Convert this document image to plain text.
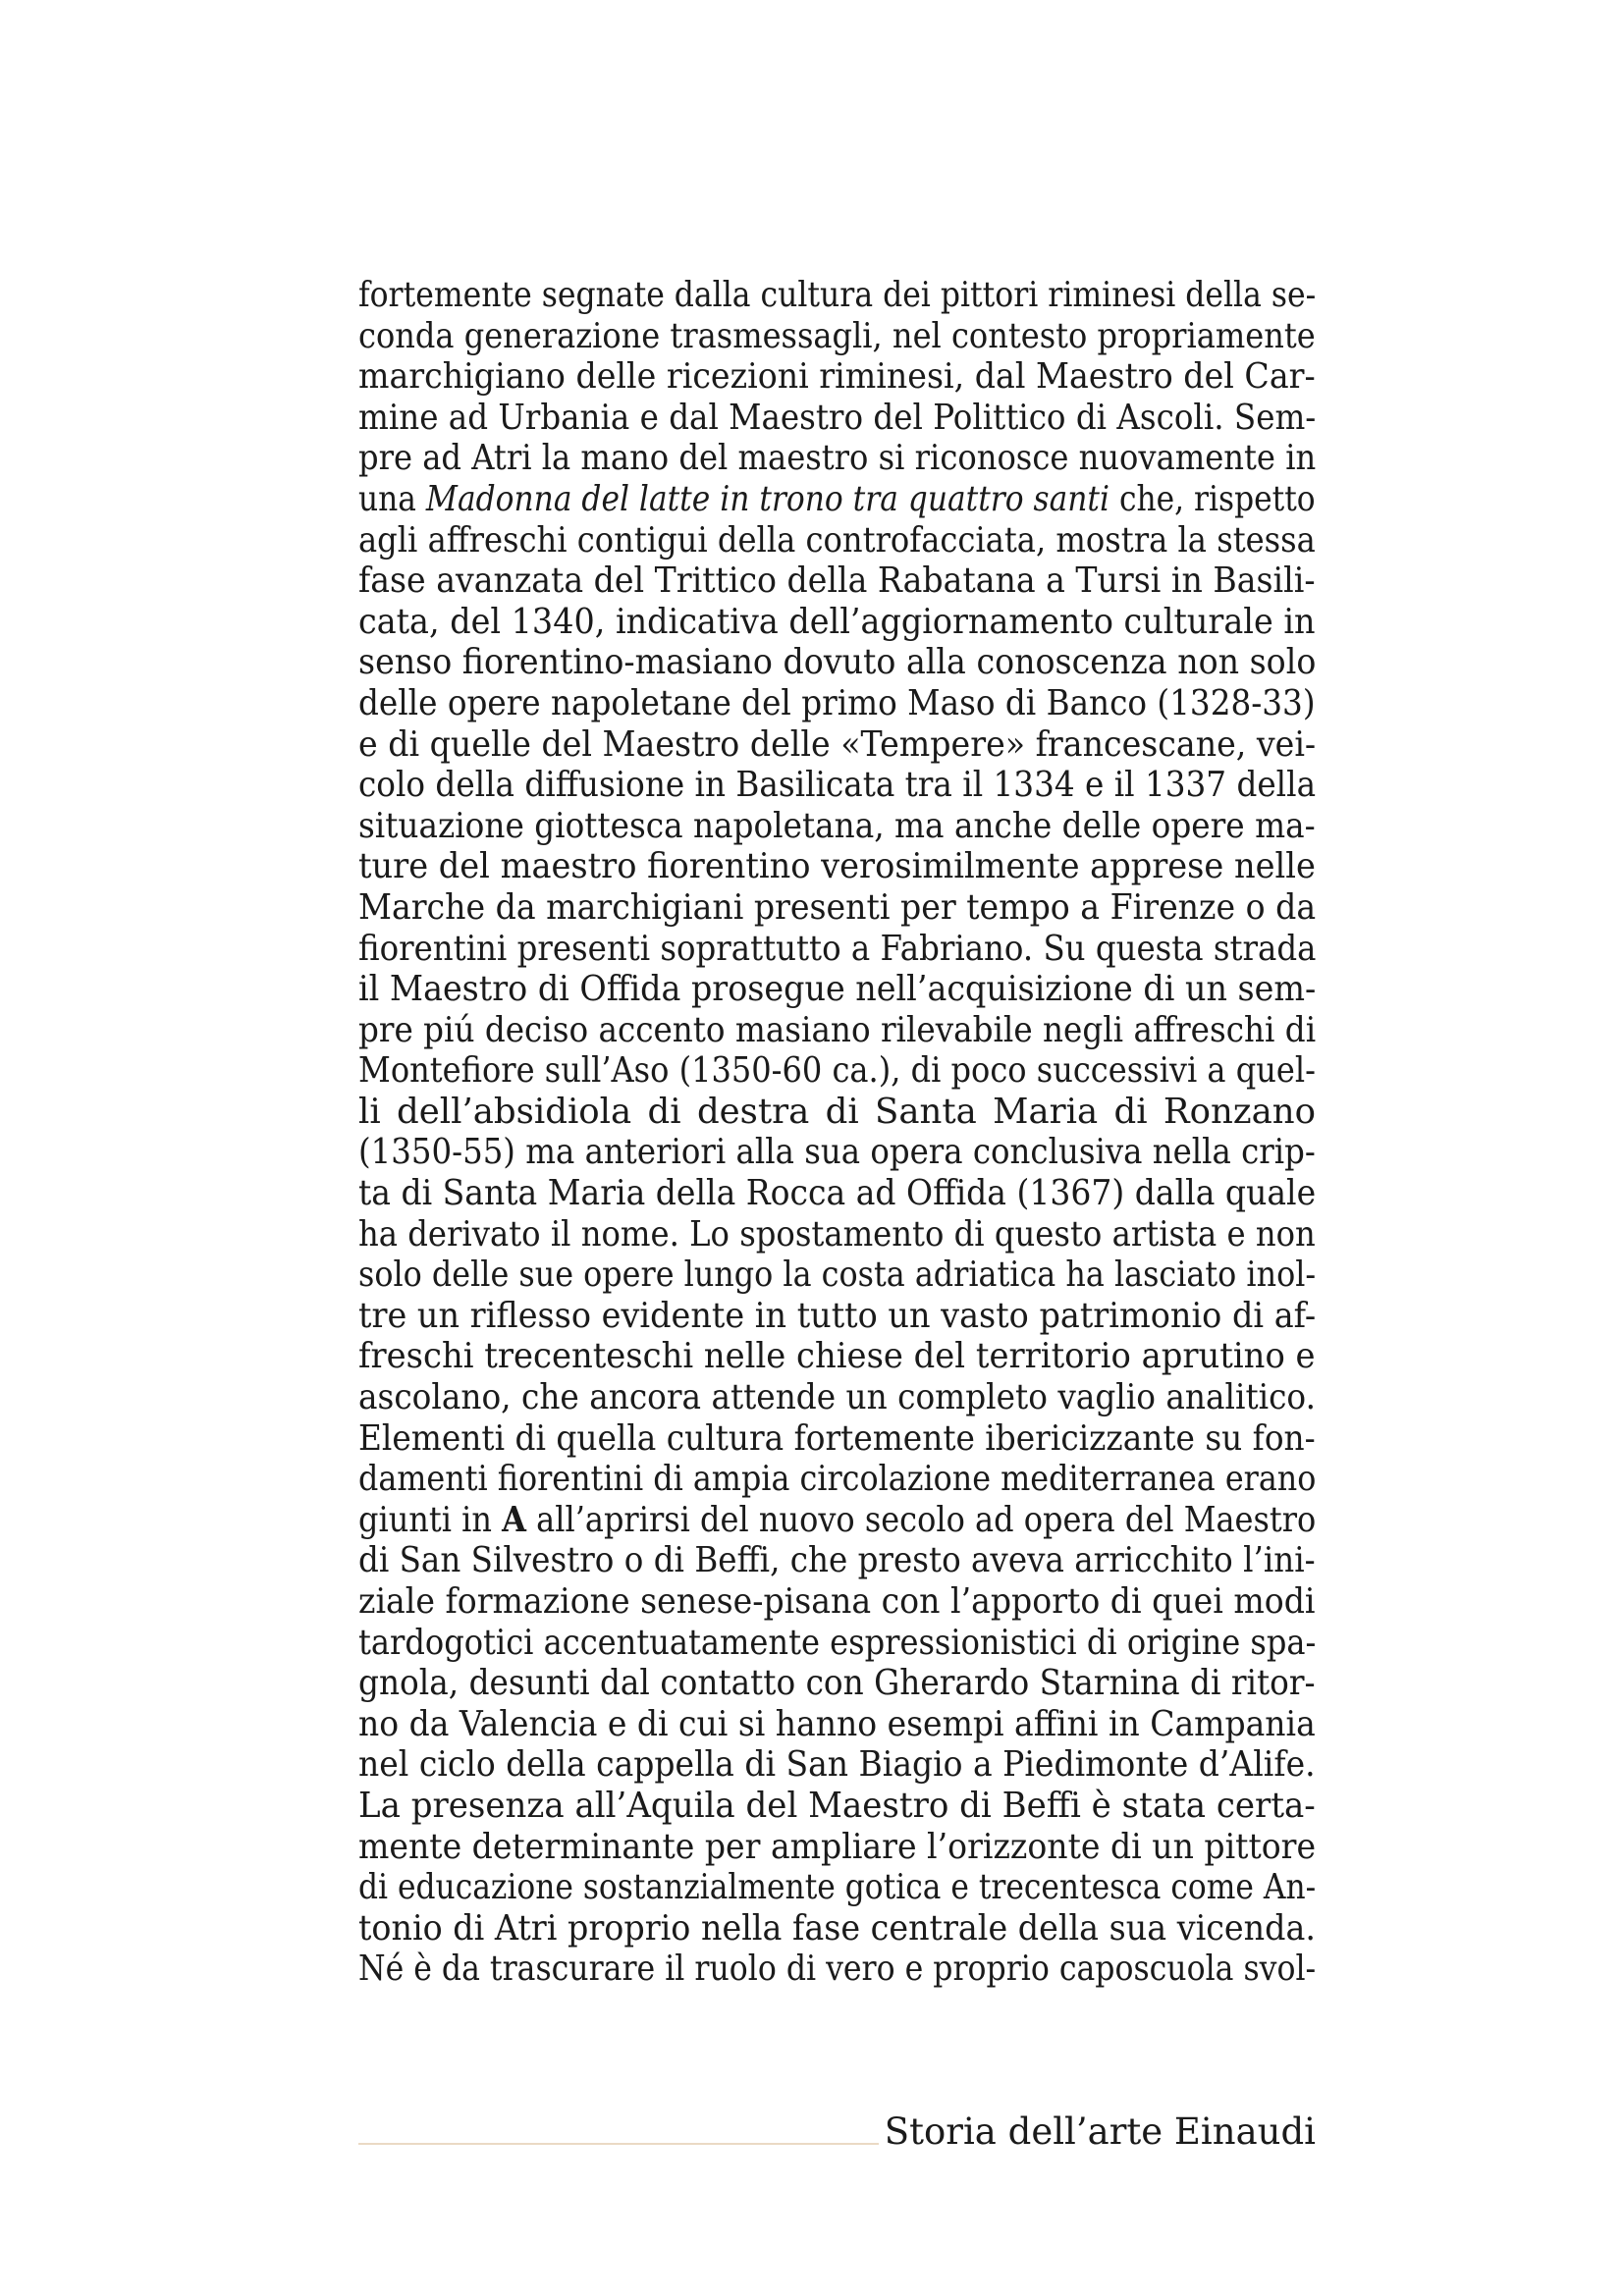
fortemente segnate dalla cultura dei pittori riminesi della se-
conda generazione trasmessagli, nel contesto propriamente
marchigiano delle ricezioni riminesi, dal Maestro del Car-
mine ad Urbania e dal Maestro del Polittico di Ascoli. Sem-
pre ad Atri la mano del maestro si riconosce nuovamente in
una Madonna del latte in trono tra quattro santi che, rispetto
agli affreschi contigui della controfacciata, mostra la stessa
fase avanzata del Trittico della Rabatana a Tursi in Basili-
cata, del 1340, indicativa dell’aggiornamento culturale in
senso fiorentino-masiano dovuto alla conoscenza non solo
delle opere napoletane del primo Maso di Banco (1328-33)
e di quelle del Maestro delle «Tempere» francescane, vei-
colo della diffusione in Basilicata tra il 1334 e il 1337 della
situazione giottesca napoletana, ma anche delle opere ma-
ture del maestro fiorentino verosimilmente apprese nelle
Marche da marchigiani presenti per tempo a Firenze o da
fiorentini presenti soprattutto a Fabriano. Su questa strada
il Maestro di Offida prosegue nell’acquisizione di un sem-
pre piú deciso accento masiano rilevabile negli affreschi di
Montefiore sull’Aso (1350-60 ca.), di poco successivi a quel-
li dell’absidiola di destra di Santa Maria di Ronzano
(1350-55) ma anteriori alla sua opera conclusiva nella crip-
ta di Santa Maria della Rocca ad Offida (1367) dalla quale
ha derivato il nome. Lo spostamento di questo artista e non
solo delle sue opere lungo la costa adriatica ha lasciato inol-
tre un riflesso evidente in tutto un vasto patrimonio di af-
freschi trecenteschi nelle chiese del territorio aprutino e
ascolano, che ancora attende un completo vaglio analitico.
Elementi di quella cultura fortemente ibericizzante su fon-
damenti fiorentini di ampia circolazione mediterranea erano
giunti in A all’aprirsi del nuovo secolo ad opera del Maestro
di San Silvestro o di Beffi, che presto aveva arricchito l’ini-
ziale formazione senese-pisana con l’apporto di quei modi
tardogotici accentuatamente espressionistici di origine spa-
gnola, desunti dal contatto con Gherardo Starnina di ritor-
no da Valencia e di cui si hanno esempi affini in Campania
nel ciclo della cappella di San Biagio a Piedimonte d’Alife.
La presenza all’Aquila del Maestro di Beffi è stata certa-
mente determinante per ampliare l’orizzonte di un pittore
di educazione sostanzialmente gotica e trecentesca come An-
tonio di Atri proprio nella fase centrale della sua vicenda.
Né è da trascurare il ruolo di vero e proprio caposcuola svol-
Storia dell’arte Einaudi
